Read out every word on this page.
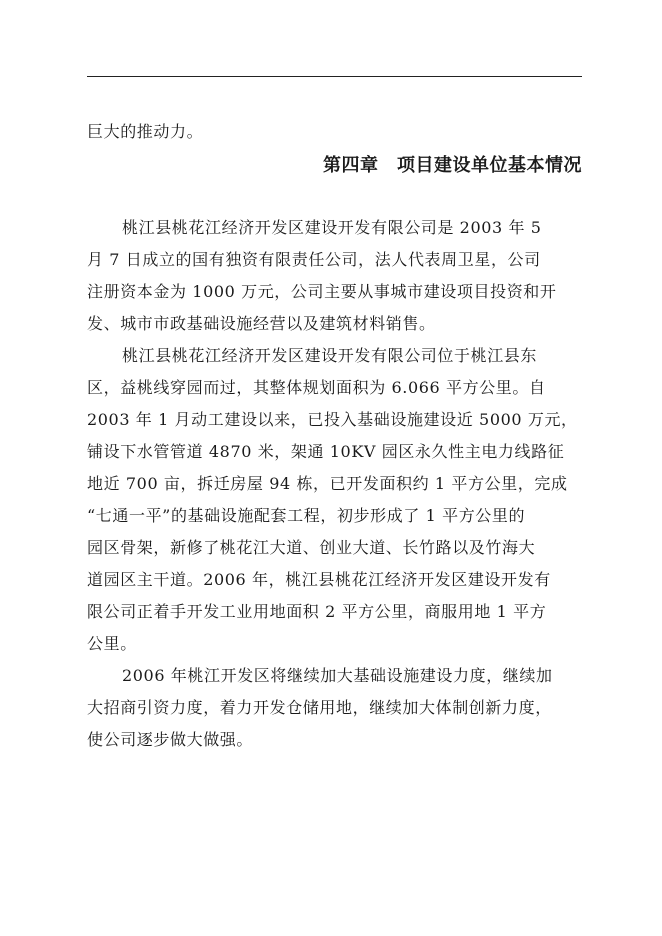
巨大的推动力。
第四章　项目建设单位基本情况
桃江县桃花江经济开发区建设开发有限公司是 2003 年 5
月 7 日成立的国有独资有限责任公司，法人代表周卫星，公司
注册资本金为 1000 万元，公司主要从事城市建设项目投资和开
发、城市市政基础设施经营以及建筑材料销售。
桃江县桃花江经济开发区建设开发有限公司位于桃江县东
区，益桃线穿园而过，其整体规划面积为 6.066 平方公里。自
2003 年 1 月动工建设以来，已投入基础设施建设近 5000 万元，
铺设下水管管道 4870 米，架通 10KV 园区永久性主电力线路征
地近 700 亩，拆迁房屋 94 栋，已开发面积约 1 平方公里，完成
“七通一平”的基础设施配套工程，初步形成了 1 平方公里的
园区骨架，新修了桃花江大道、创业大道、长竹路以及竹海大
道园区主干道。2006 年，桃江县桃花江经济开发区建设开发有
限公司正着手开发工业用地面积 2 平方公里，商服用地 1 平方
公里。
2006 年桃江开发区将继续加大基础设施建设力度，继续加
大招商引资力度，着力开发仓储用地，继续加大体制创新力度，
使公司逐步做大做强。
